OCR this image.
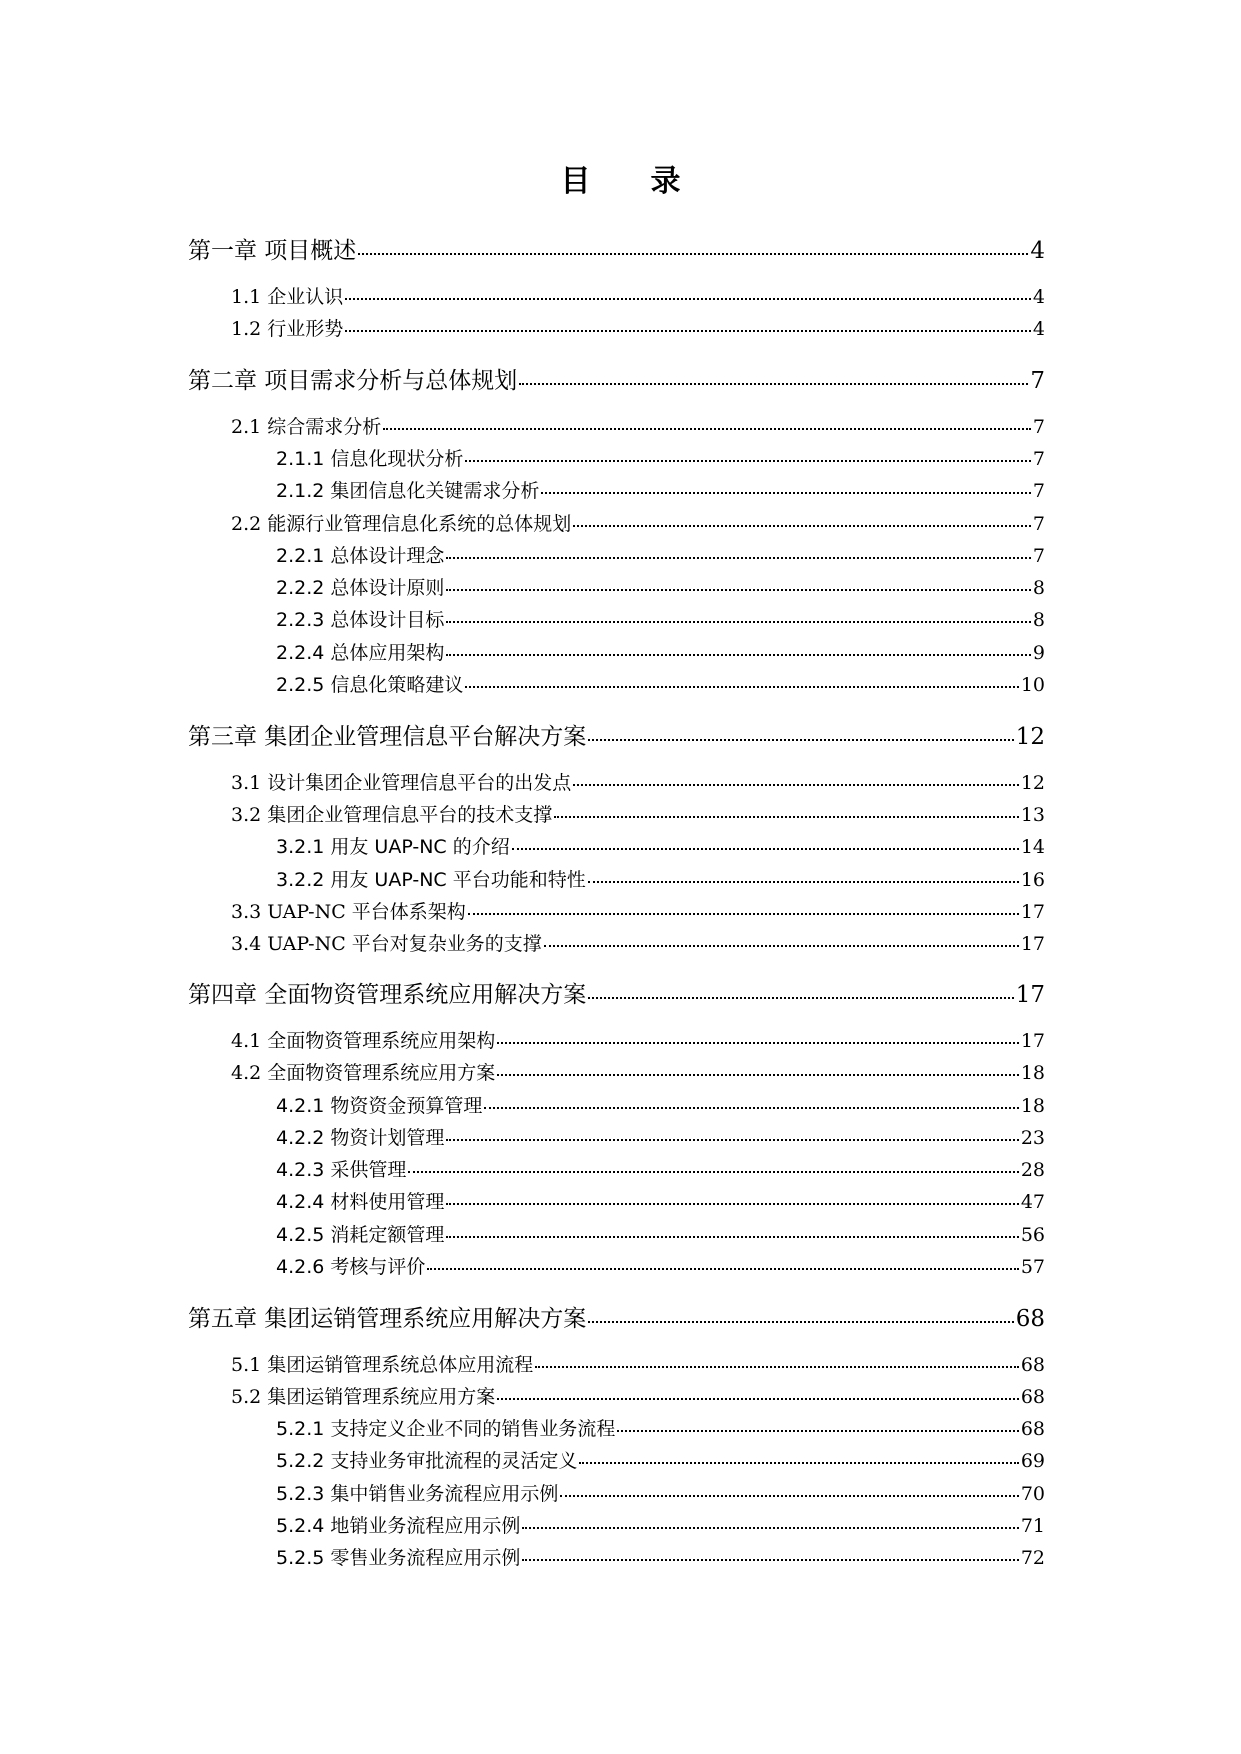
目　　录
第一章 项目概述	4
1.1 企业认识	4
1.2 行业形势	4
第二章 项目需求分析与总体规划	7
2.1 综合需求分析	7
2.1.1 信息化现状分析	7
2.1.2 集团信息化关键需求分析	7
2.2 能源行业管理信息化系统的总体规划	7
2.2.1 总体设计理念	7
2.2.2 总体设计原则	8
2.2.3 总体设计目标	8
2.2.4 总体应用架构	9
2.2.5 信息化策略建议	10
第三章 集团企业管理信息平台解决方案	12
3.1 设计集团企业管理信息平台的出发点	12
3.2 集团企业管理信息平台的技术支撑	13
3.2.1 用友 UAP-NC 的介绍	14
3.2.2 用友 UAP-NC 平台功能和特性	16
3.3 UAP-NC 平台体系架构	17
3.4 UAP-NC 平台对复杂业务的支撑	17
第四章 全面物资管理系统应用解决方案	17
4.1 全面物资管理系统应用架构	17
4.2 全面物资管理系统应用方案	18
4.2.1 物资资金预算管理	18
4.2.2 物资计划管理	23
4.2.3 采供管理	28
4.2.4 材料使用管理	47
4.2.5 消耗定额管理	56
4.2.6 考核与评价	57
第五章 集团运销管理系统应用解决方案	68
5.1 集团运销管理系统总体应用流程	68
5.2 集团运销管理系统应用方案	68
5.2.1 支持定义企业不同的销售业务流程	68
5.2.2 支持业务审批流程的灵活定义	69
5.2.3 集中销售业务流程应用示例	70
5.2.4 地销业务流程应用示例	71
5.2.5 零售业务流程应用示例	72
